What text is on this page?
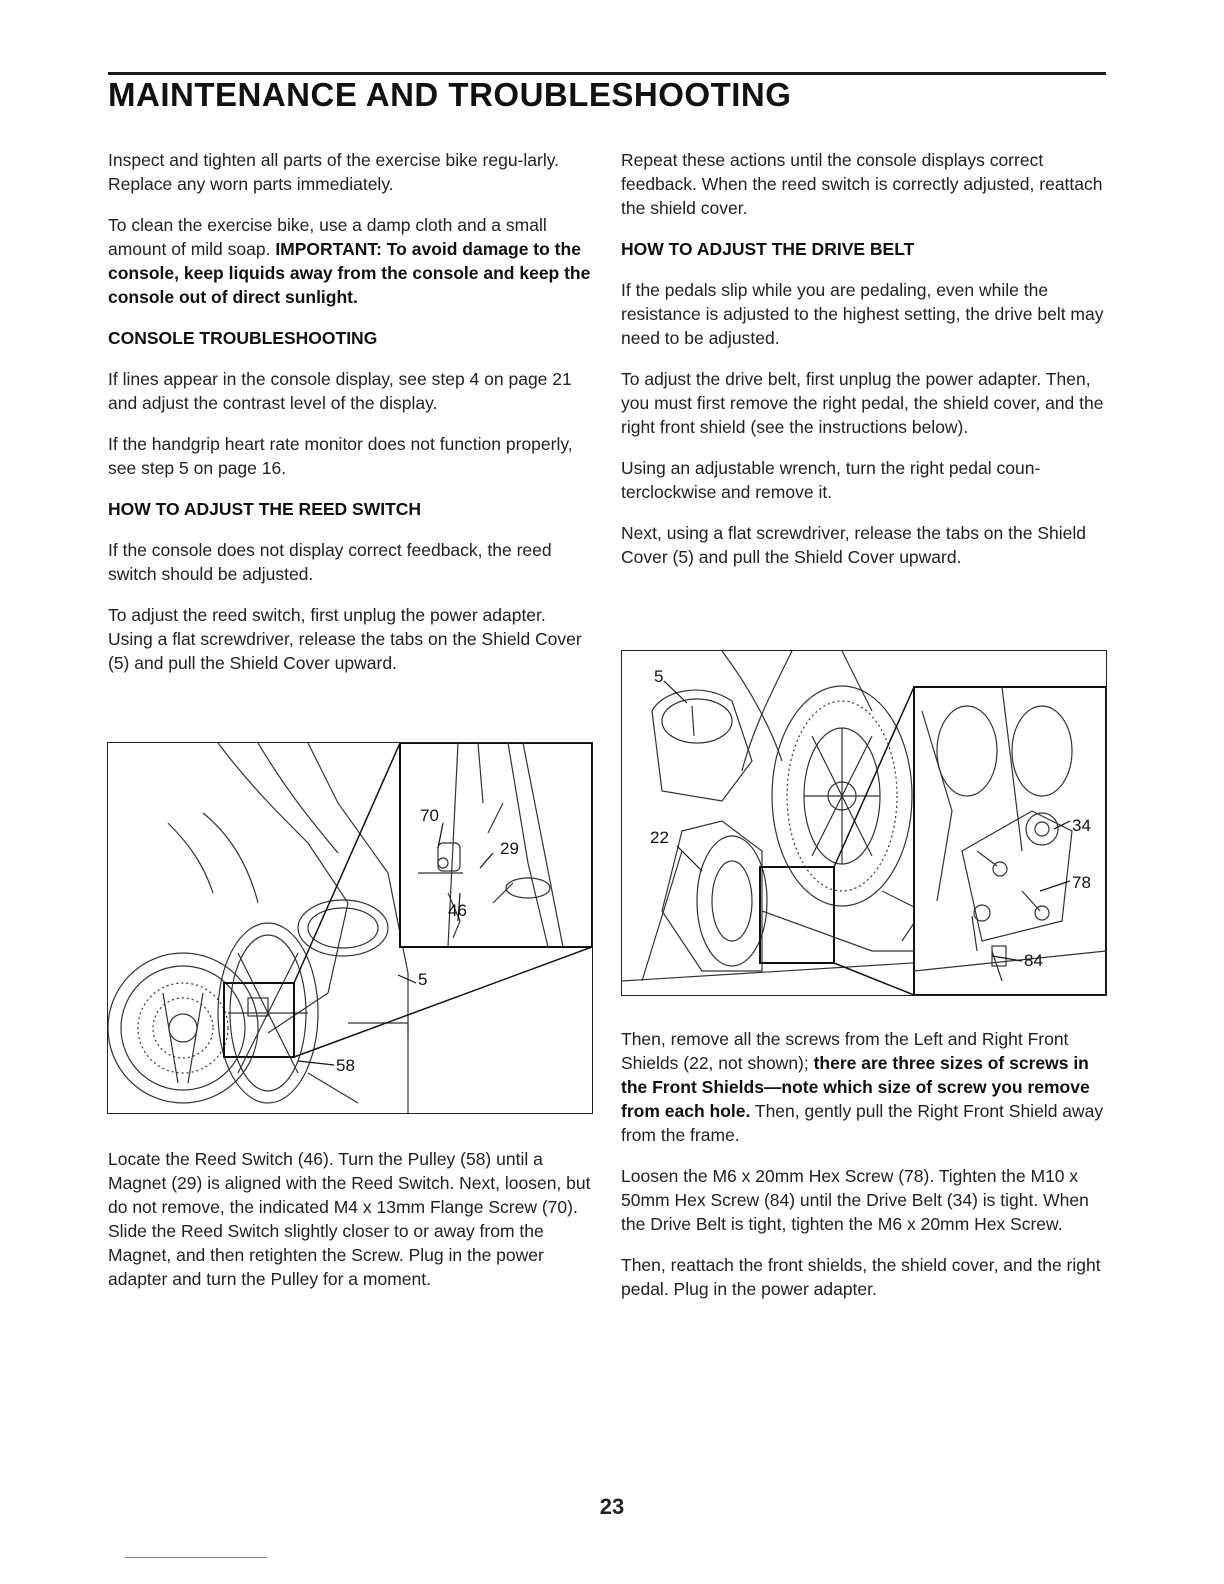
MAINTENANCE AND TROUBLESHOOTING

Inspect and tighten all parts of the exercise bike regu-larly. Replace any worn parts immediately.

To clean the exercise bike, use a damp cloth and a small amount of mild soap. IMPORTANT: To avoid damage to the console, keep liquids away from the console and keep the console out of direct sunlight.

CONSOLE TROUBLESHOOTING

If lines appear in the console display, see step 4 on page 21 and adjust the contrast level of the display.

If the handgrip heart rate monitor does not function properly, see step 5 on page 16.

HOW TO ADJUST THE REED SWITCH

If the console does not display correct feedback, the reed switch should be adjusted.

To adjust the reed switch, first unplug the power adapter. Using a flat screwdriver, release the tabs on the Shield Cover (5) and pull the Shield Cover upward.

70
29
46
5
58

Locate the Reed Switch (46). Turn the Pulley (58) until a Magnet (29) is aligned with the Reed Switch. Next, loosen, but do not remove, the indicated M4 x 13mm Flange Screw (70). Slide the Reed Switch slightly closer to or away from the Magnet, and then retighten the Screw. Plug in the power adapter and turn the Pulley for a moment.

Repeat these actions until the console displays correct feedback. When the reed switch is correctly adjusted, reattach the shield cover.

HOW TO ADJUST THE DRIVE BELT

If the pedals slip while you are pedaling, even while the resistance is adjusted to the highest setting, the drive belt may need to be adjusted.

To adjust the drive belt, first unplug the power adapter. Then, you must first remove the right pedal, the shield cover, and the right front shield (see the instructions below).

Using an adjustable wrench, turn the right pedal coun-terclockwise and remove it.

Next, using a flat screwdriver, release the tabs on the Shield Cover (5) and pull the Shield Cover upward.

5
22
34
78
84

Then, remove all the screws from the Left and Right Front Shields (22, not shown); there are three sizes of screws in the Front Shields—note which size of screw you remove from each hole. Then, gently pull the Right Front Shield away from the frame.

Loosen the M6 x 20mm Hex Screw (78). Tighten the M10 x 50mm Hex Screw (84) until the Drive Belt (34) is tight. When the Drive Belt is tight, tighten the M6 x 20mm Hex Screw.

Then, reattach the front shields, the shield cover, and the right pedal. Plug in the power adapter.

23
